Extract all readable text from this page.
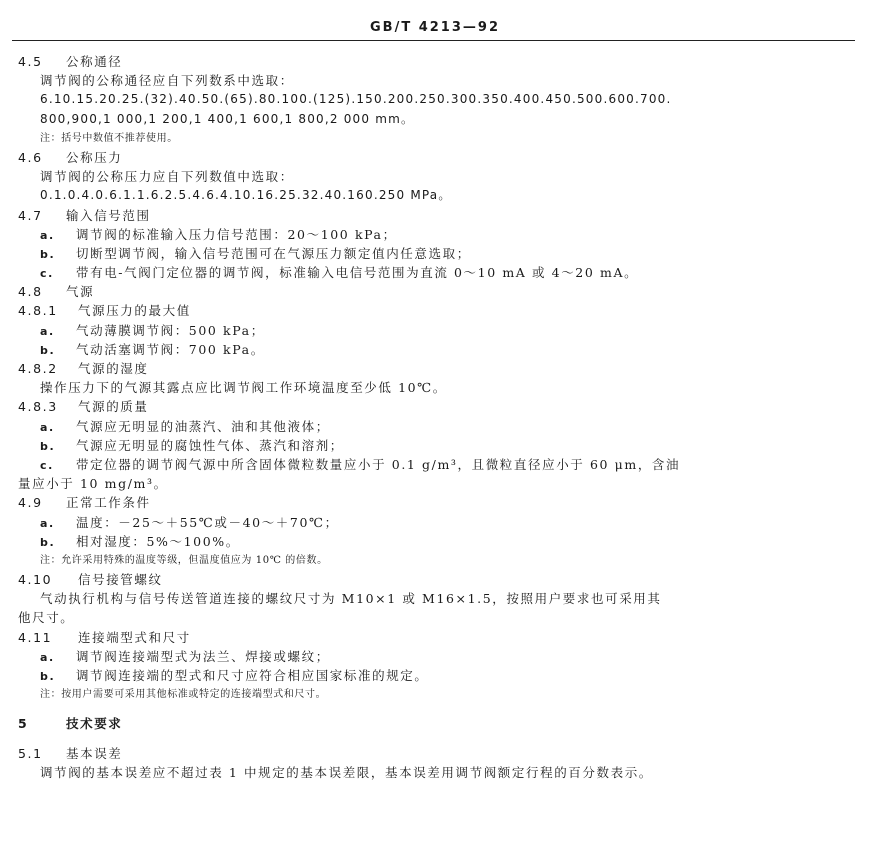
GB/T 4213—92
4.5 公称通径
调节阀的公称通径应自下列数系中选取：
6.10.15.20.25.(32).40.50.(65).80.100.(125).150.200.250.300.350.400.450.500.600.700.
800,900,1 000,1 200,1 400,1 600,1 800,2 000 mm。
注：括号中数值不推荐使用。
4.6 公称压力
调节阀的公称压力应自下列数值中选取：
0.1.0.4.0.6.1.1.6.2.5.4.6.4.10.16.25.32.40.160.250 MPa。
4.7 输入信号范围
a. 调节阀的标准输入压力信号范围：20～100 kPa；
b. 切断型调节阀，输入信号范围可在气源压力额定值内任意选取；
c. 带有电-气阀门定位器的调节阀，标准输入电信号范围为直流 0～10 mA 或 4～20 mA。
4.8 气源
4.8.1 气源压力的最大值
a. 气动薄膜调节阀：500 kPa；
b. 气动活塞调节阀：700 kPa。
4.8.2 气源的湿度
操作压力下的气源其露点应比调节阀工作环境温度至少低 10℃。
4.8.3 气源的质量
a. 气源应无明显的油蒸汽、油和其他液体；
b. 气源应无明显的腐蚀性气体、蒸汽和溶剂；
c. 带定位器的调节阀气源中所含固体微粒数量应小于 0.1 g/m³，且微粒直径应小于 60 μm，含油
量应小于 10 mg/m³。
4.9 正常工作条件
a. 温度：－25～＋55℃或－40～＋70℃；
b. 相对湿度：5%～100%。
注：允许采用特殊的温度等级，但温度值应为 10℃ 的倍数。
4.10 信号接管螺纹
气动执行机构与信号传送管道连接的螺纹尺寸为 M10×1 或 M16×1.5，按照用户要求也可采用其
他尺寸。
4.11 连接端型式和尺寸
a. 调节阀连接端型式为法兰、焊接或螺纹；
b. 调节阀连接端的型式和尺寸应符合相应国家标准的规定。
注：按用户需要可采用其他标准或特定的连接端型式和尺寸。
5	技术要求
5.1 基本误差
调节阀的基本误差应不超过表 1 中规定的基本误差限，基本误差用调节阀额定行程的百分数表示。
